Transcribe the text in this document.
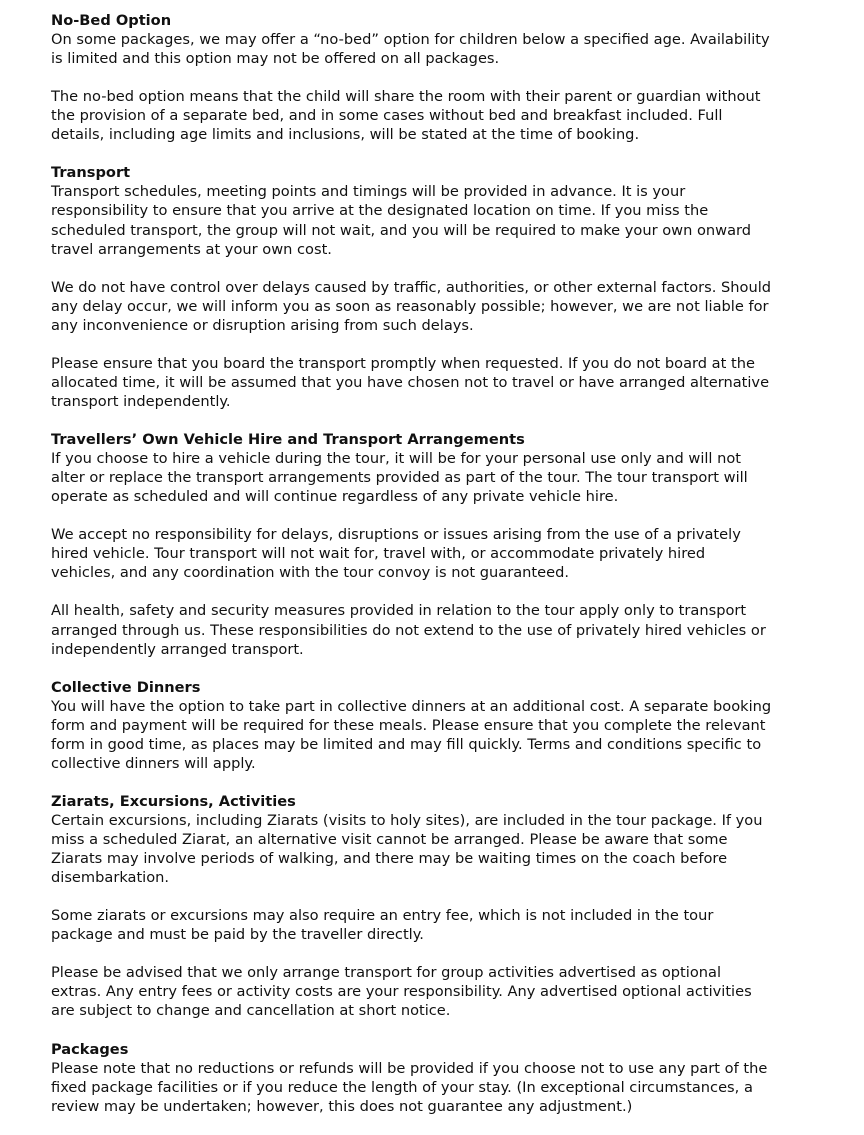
No-Bed Option
On some packages, we may offer a “no-bed” option for children below a specified age. Availability
is limited and this option may not be offered on all packages.
The no-bed option means that the child will share the room with their parent or guardian without
the provision of a separate bed, and in some cases without bed and breakfast included. Full
details, including age limits and inclusions, will be stated at the time of booking.
Transport
Transport schedules, meeting points and timings will be provided in advance. It is your
responsibility to ensure that you arrive at the designated location on time. If you miss the
scheduled transport, the group will not wait, and you will be required to make your own onward
travel arrangements at your own cost.
We do not have control over delays caused by traffic, authorities, or other external factors. Should
any delay occur, we will inform you as soon as reasonably possible; however, we are not liable for
any inconvenience or disruption arising from such delays.
Please ensure that you board the transport promptly when requested. If you do not board at the
allocated time, it will be assumed that you have chosen not to travel or have arranged alternative
transport independently.
Travellers’ Own Vehicle Hire and Transport Arrangements
If you choose to hire a vehicle during the tour, it will be for your personal use only and will not
alter or replace the transport arrangements provided as part of the tour. The tour transport will
operate as scheduled and will continue regardless of any private vehicle hire.
We accept no responsibility for delays, disruptions or issues arising from the use of a privately
hired vehicle. Tour transport will not wait for, travel with, or accommodate privately hired
vehicles, and any coordination with the tour convoy is not guaranteed.
All health, safety and security measures provided in relation to the tour apply only to transport
arranged through us. These responsibilities do not extend to the use of privately hired vehicles or
independently arranged transport.
Collective Dinners
You will have the option to take part in collective dinners at an additional cost. A separate booking
form and payment will be required for these meals. Please ensure that you complete the relevant
form in good time, as places may be limited and may fill quickly. Terms and conditions specific to
collective dinners will apply.
Ziarats, Excursions, Activities
Certain excursions, including Ziarats (visits to holy sites), are included in the tour package. If you
miss a scheduled Ziarat, an alternative visit cannot be arranged. Please be aware that some
Ziarats may involve periods of walking, and there may be waiting times on the coach before
disembarkation.
Some ziarats or excursions may also require an entry fee, which is not included in the tour
package and must be paid by the traveller directly.
Please be advised that we only arrange transport for group activities advertised as optional
extras. Any entry fees or activity costs are your responsibility. Any advertised optional activities
are subject to change and cancellation at short notice.
Packages
Please note that no reductions or refunds will be provided if you choose not to use any part of the
fixed package facilities or if you reduce the length of your stay. (In exceptional circumstances, a
review may be undertaken; however, this does not guarantee any adjustment.)
